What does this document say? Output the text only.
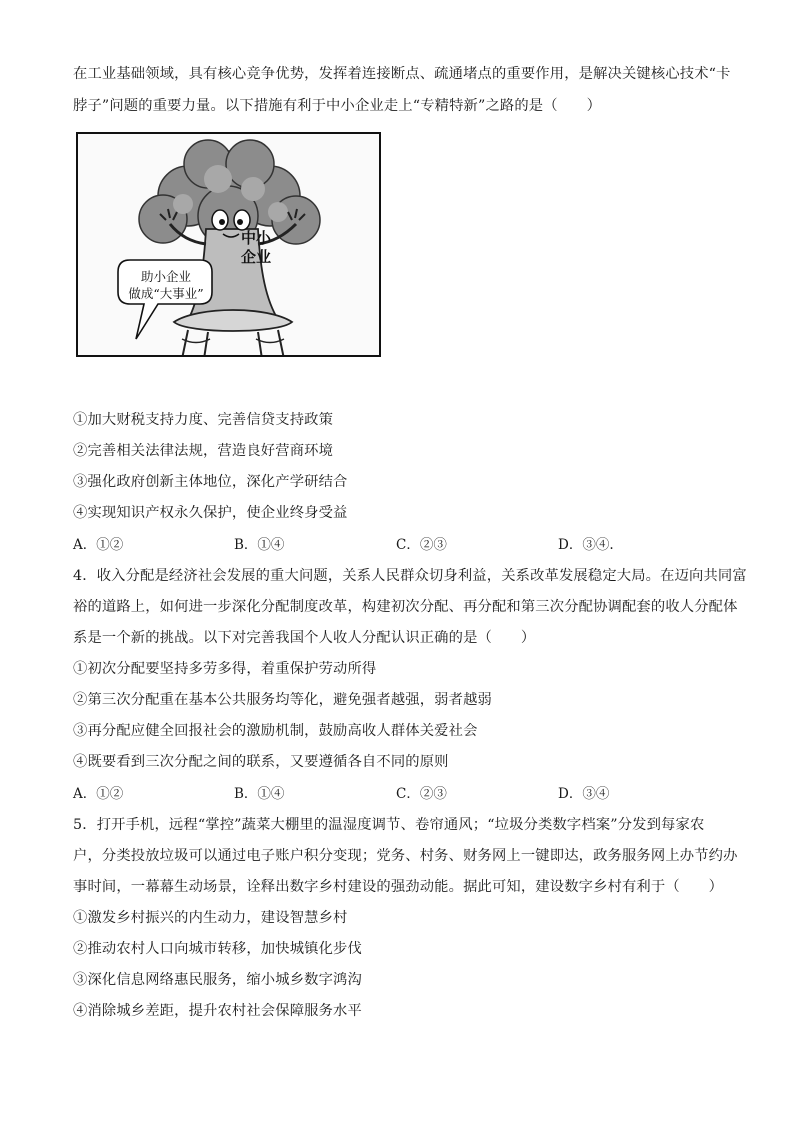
在工业基础领域，具有核心竞争优势，发挥着连接断点、疏通堵点的重要作用，是解决关键核心技术“卡
脖子”问题的重要力量。以下措施有利于中小企业走上“专精特新”之路的是（　　）
助小企业
做成“大事业”
中小
企业
①加大财税支持力度、完善信贷支持政策
②完善相关法律法规，营造良好营商环境
③强化政府创新主体地位，深化产学研结合
④实现知识产权永久保护，使企业终身受益
A．①②	B．①④	C．②③	D．③④.
4．收入分配是经济社会发展的重大问题，关系人民群众切身利益，关系改革发展稳定大局。在迈向共同富
裕的道路上，如何进一步深化分配制度改革，构建初次分配、再分配和第三次分配协调配套的收人分配体
系是一个新的挑战。以下对完善我国个人收人分配认识正确的是（　　）
①初次分配要坚持多劳多得，着重保护劳动所得
②第三次分配重在基本公共服务均等化，避免强者越强，弱者越弱
③再分配应健全回报社会的激励机制，鼓励高收人群体关爱社会
④既要看到三次分配之间的联系，又要遵循各自不同的原则
A．①②	B．①④	C．②③	D．③④
5．打开手机，远程“掌控”蔬菜大棚里的温湿度调节、卷帘通风；“垃圾分类数字档案”分发到每家农
户，分类投放垃圾可以通过电子账户积分变现；党务、村务、财务网上一键即达，政务服务网上办节约办
事时间，一幕幕生动场景，诠释出数字乡村建设的强劲动能。据此可知，建设数字乡村有利于（　　）
①激发乡村振兴的内生动力，建设智慧乡村
②推动农村人口向城市转移，加快城镇化步伐
③深化信息网络惠民服务，缩小城乡数字鸿沟
④消除城乡差距，提升农村社会保障服务水平
